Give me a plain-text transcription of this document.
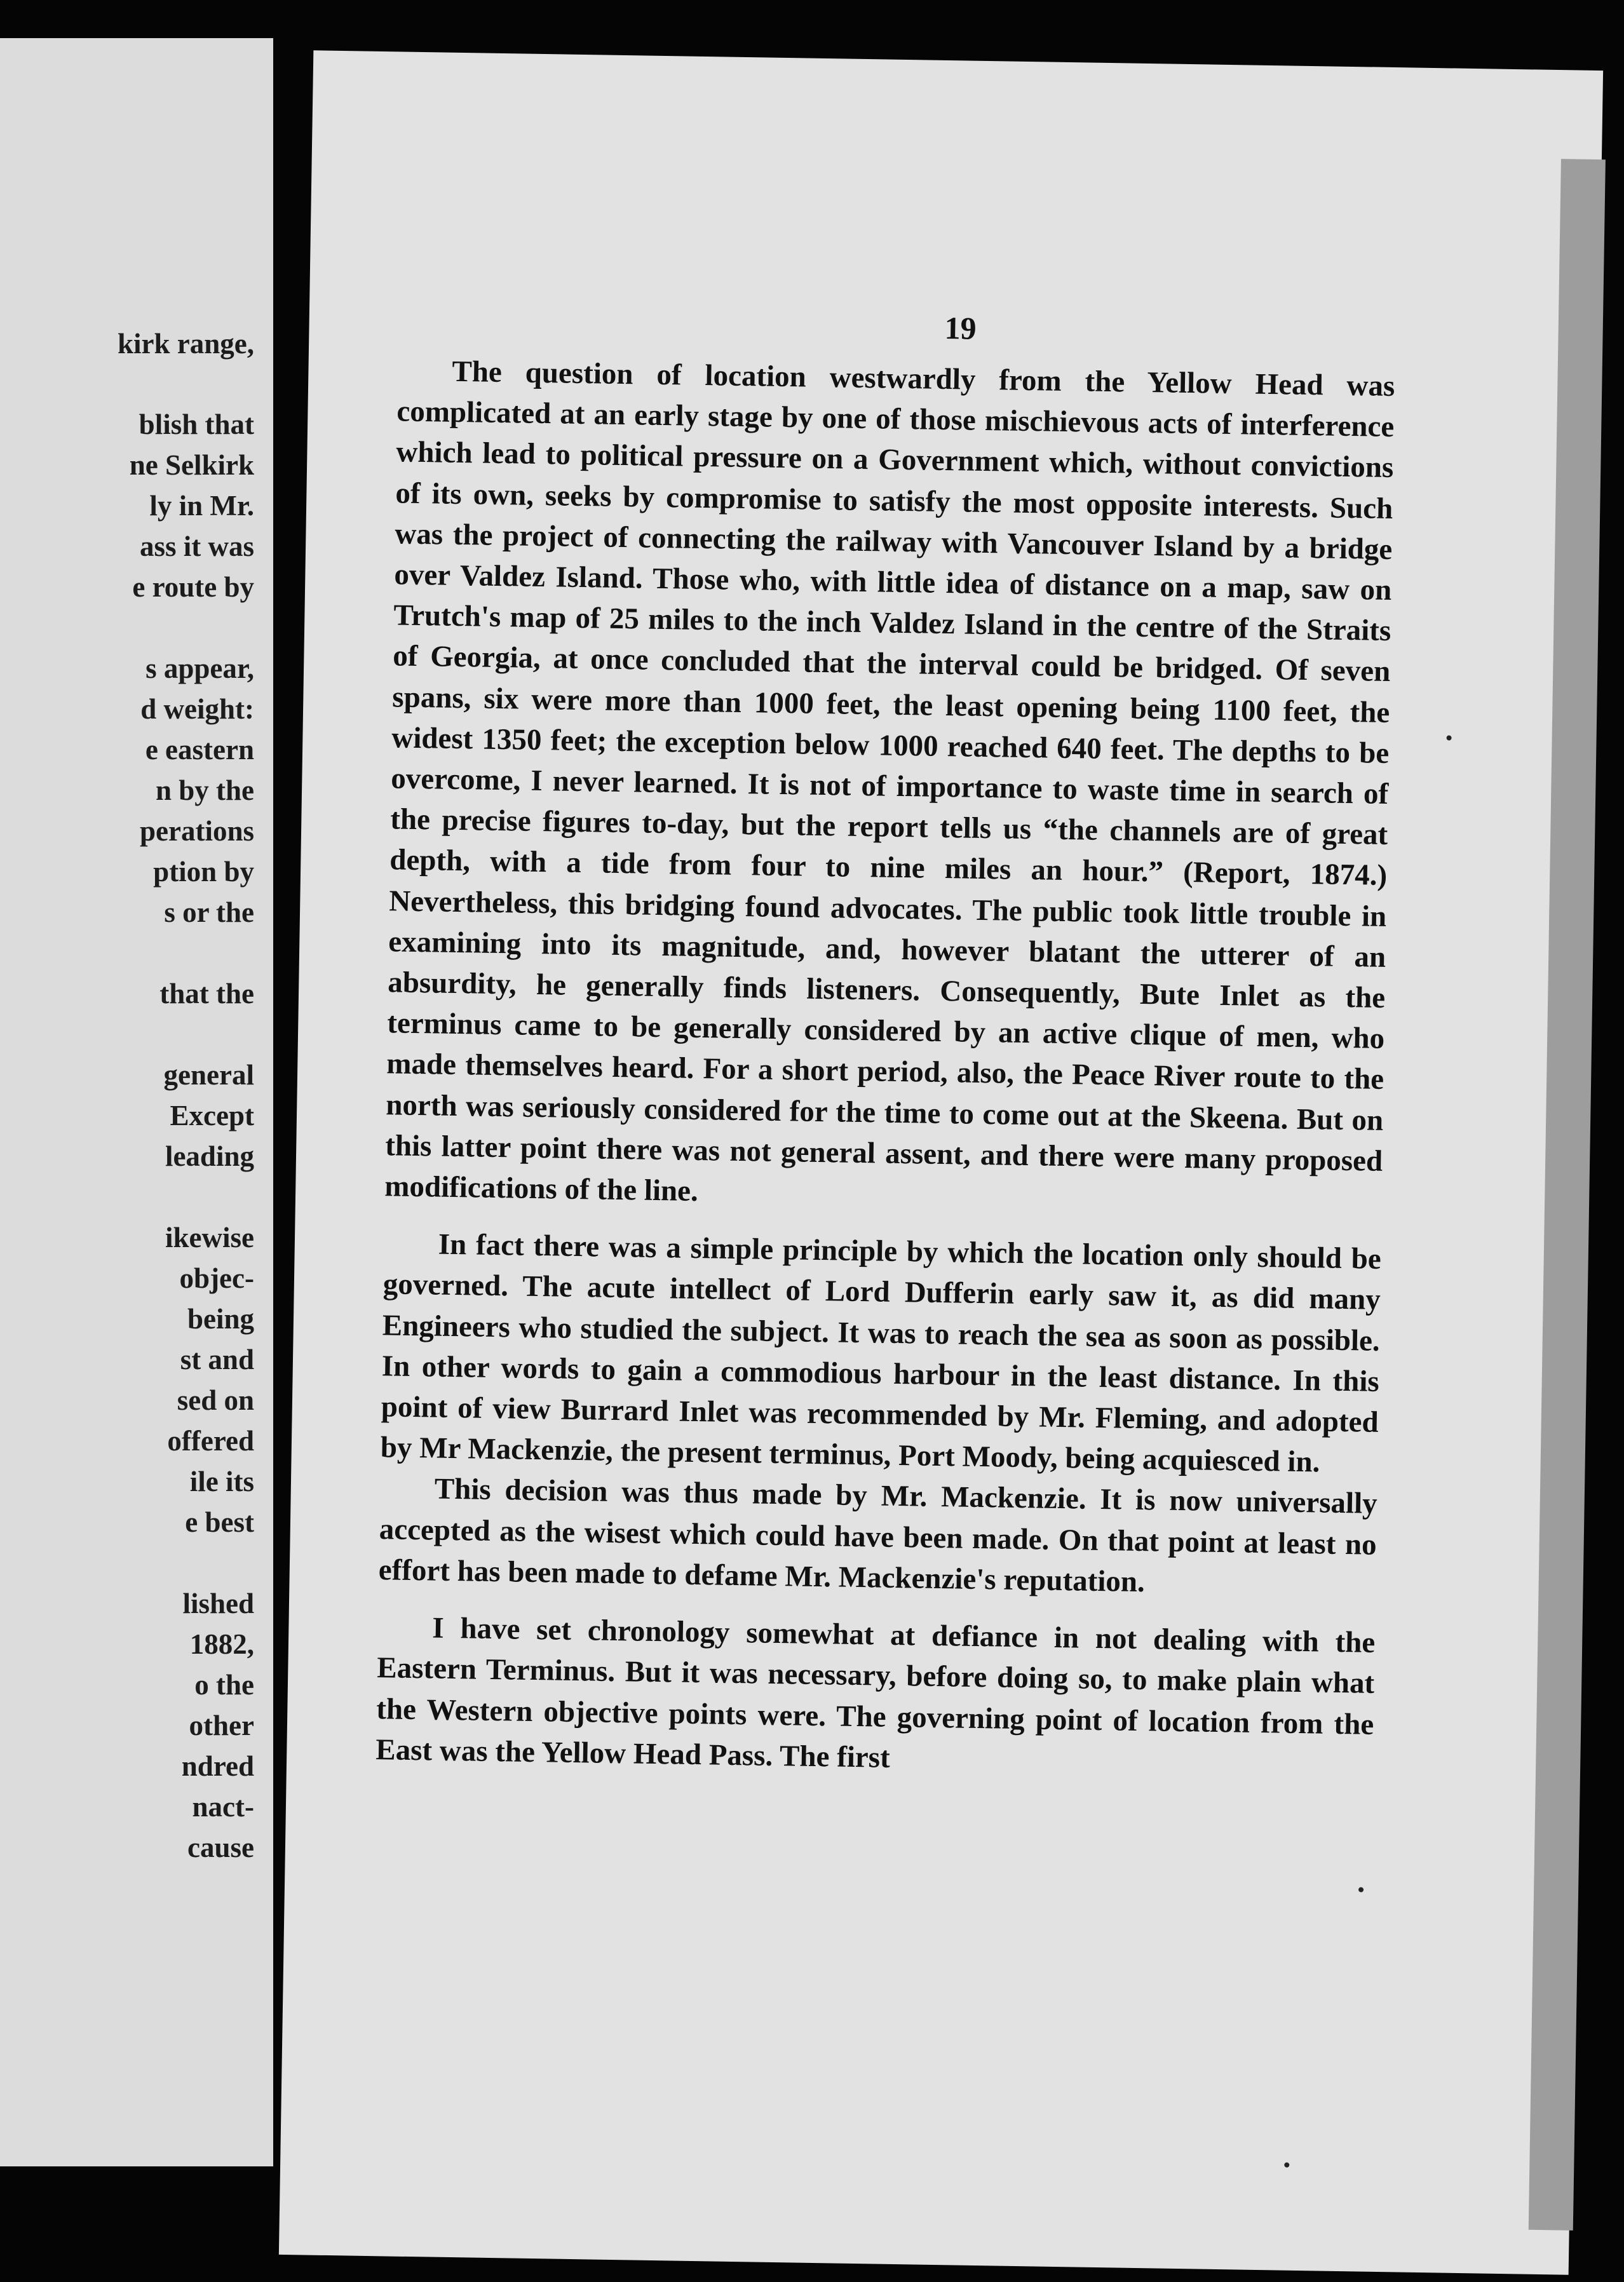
kirk range,
blish that
ne Selkirk
ly in Mr.
ass it was
e route by
s appear,
d weight:
e eastern
n by the
perations
ption by
s or the
that the
general
Except
leading
ikewise
objec-
being
st and
sed on
offered
ile its
e best
lished
1882,
o the
other
ndred
nact-
cause
19

The question of location westwardly from the Yellow Head was complicated at an early stage by one of those mischievous acts of interference which lead to political pressure on a Government which, without convictions of its own, seeks by compromise to satisfy the most opposite interests. Such was the project of connecting the railway with Vancouver Island by a bridge over Valdez Island. Those who, with little idea of distance on a map, saw on Trutch's map of 25 miles to the inch Valdez Island in the centre of the Straits of Georgia, at once concluded that the interval could be bridged. Of seven spans, six were more than 1000 feet, the least opening being 1100 feet, the widest 1350 feet; the exception below 1000 reached 640 feet. The depths to be overcome, I never learned. It is not of importance to waste time in search of the precise figures to-day, but the report tells us “the channels are of great depth, with a tide from four to nine miles an hour.” (Report, 1874.) Nevertheless, this bridging found advocates. The public took little trouble in examining into its magnitude, and, however blatant the utterer of an absurdity, he generally finds listeners. Consequently, Bute Inlet as the terminus came to be generally considered by an active clique of men, who made themselves heard. For a short period, also, the Peace River route to the north was seriously considered for the time to come out at the Skeena. But on this latter point there was not general assent, and there were many proposed modifications of the line.

In fact there was a simple principle by which the location only should be governed. The acute intellect of Lord Dufferin early saw it, as did many Engineers who studied the subject. It was to reach the sea as soon as possible. In other words to gain a commodious harbour in the least distance. In this point of view Burrard Inlet was recommended by Mr. Fleming, and adopted by Mr Mackenzie, the present terminus, Port Moody, being acquiesced in.

This decision was thus made by Mr. Mackenzie. It is now universally accepted as the wisest which could have been made. On that point at least no effort has been made to defame Mr. Mackenzie's reputation.

I have set chronology somewhat at defiance in not dealing with the Eastern Terminus. But it was necessary, before doing so, to make plain what the Western objective points were. The governing point of location from the East was the Yellow Head Pass. The first
